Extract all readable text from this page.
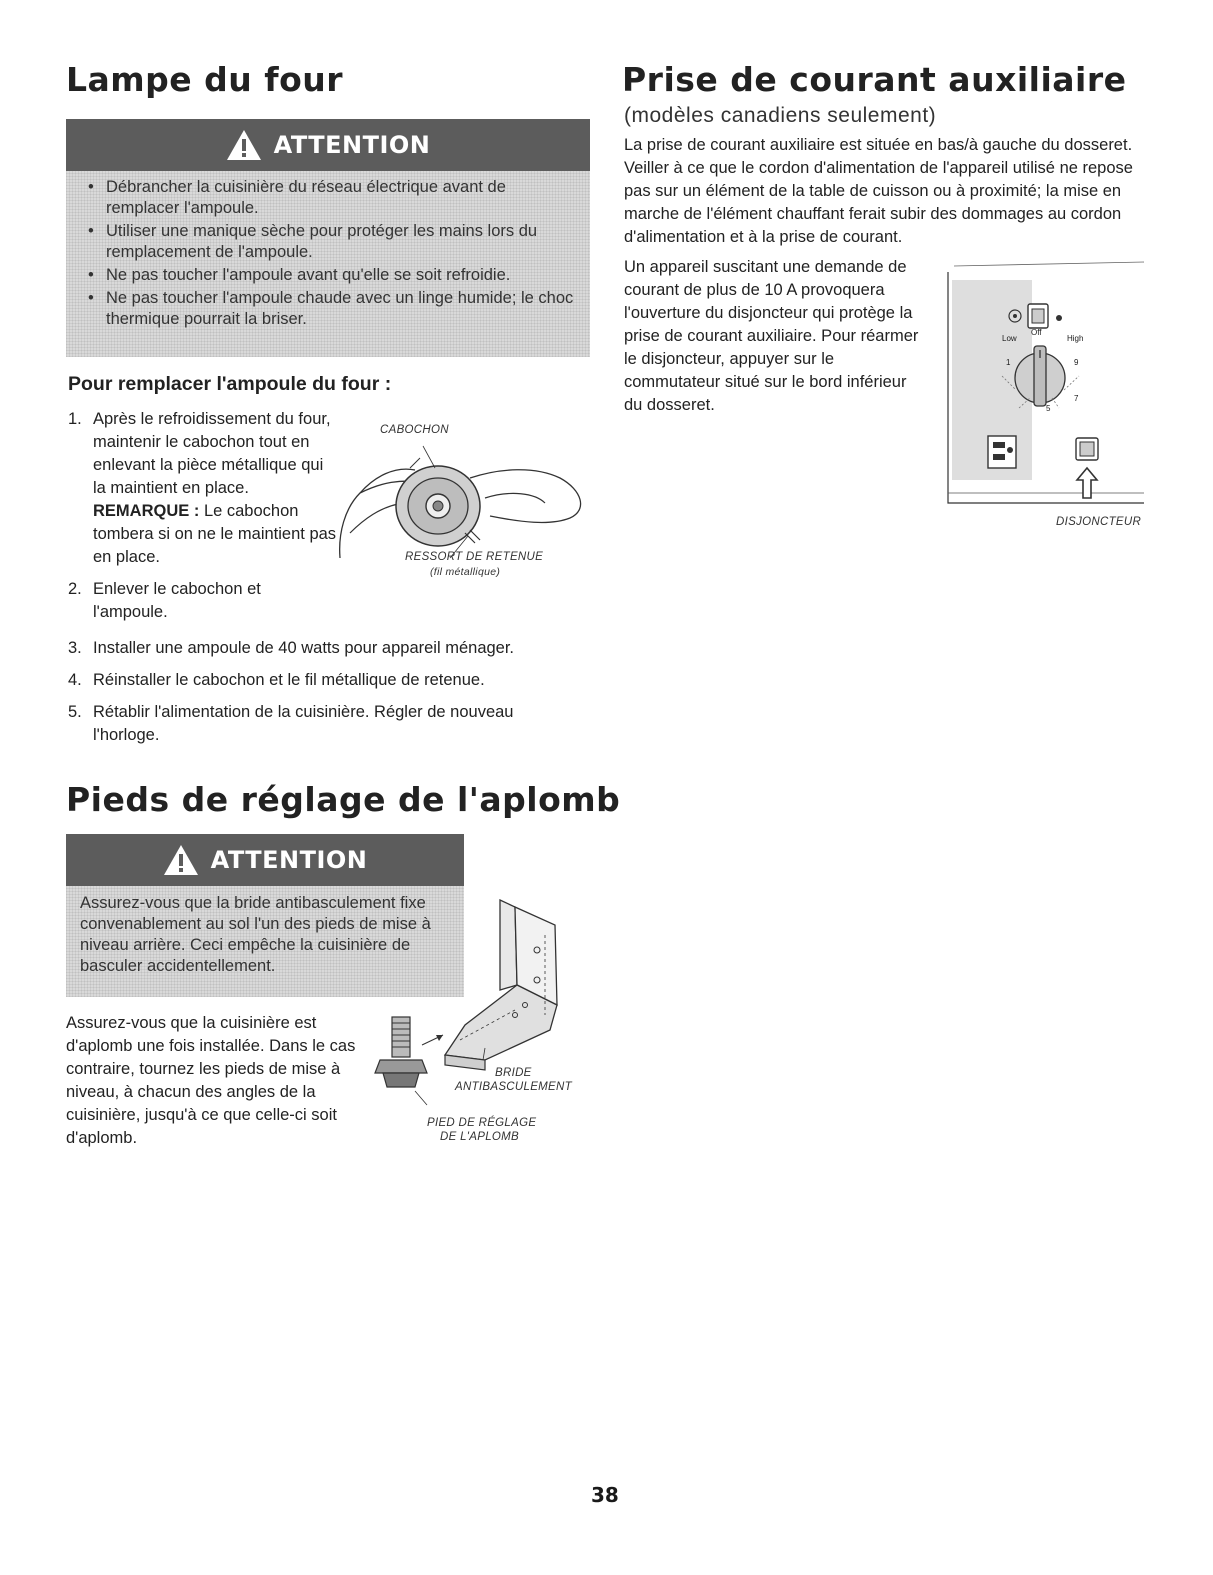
Lampe du four
ATTENTION
• Débrancher la cuisinière du réseau électrique avant de remplacer l'ampoule.
• Utiliser une manique sèche pour protéger les mains lors du remplacement de l'ampoule.
• Ne pas toucher l'ampoule avant qu'elle se soit refroidie.
• Ne pas toucher l'ampoule chaude avec un linge humide; le choc thermique pourrait la briser.
Pour remplacer l'ampoule du four :
1. Après le refroidissement du four, maintenir le cabochon tout en enlevant la pièce métallique qui la maintient en place.
REMARQUE : Le cabochon tombera si on ne le maintient pas en place.
2. Enlever le cabochon et l'ampoule.
3. Installer une ampoule de 40 watts pour appareil ménager.
4. Réinstaller le cabochon et le fil métallique de retenue.
5. Rétablir l'alimentation de la cuisinière. Régler de nouveau l'horloge.
CABOCHON
RESSORT DE RETENUE
(fil métallique)
Pieds de réglage de l'aplomb
ATTENTION
Assurez-vous que la bride antibasculement fixe convenablement au sol l'un des pieds de mise à niveau arrière. Ceci empêche la cuisinière de basculer accidentellement.
Assurez-vous que la cuisinière est d'aplomb une fois installée. Dans le cas contraire, tournez les pieds de mise à niveau, à chacun des angles de la cuisinière, jusqu'à ce que celle-ci soit d'aplomb.
BRIDE
ANTIBASCULEMENT
PIED DE RÉGLAGE
DE L'APLOMB
Prise de courant auxiliaire
(modèles canadiens seulement)
La prise de courant auxiliaire est située en bas/à gauche du dosseret. Veiller à ce que le cordon d'alimentation de l'appareil utilisé ne repose pas sur un élément de la table de cuisson ou à proximité; la mise en marche de l'élément chauffant ferait subir des dommages au cordon d'alimentation et à la prise de courant.
Un appareil suscitant une demande de courant de plus de 10 A provoquera l'ouverture du disjoncteur qui protège la prise de courant auxiliaire. Pour réarmer le disjoncteur, appuyer sur le commutateur situé sur le bord inférieur du dosseret.
Low
Off
High
1	9
7
5
DISJONCTEUR
38
